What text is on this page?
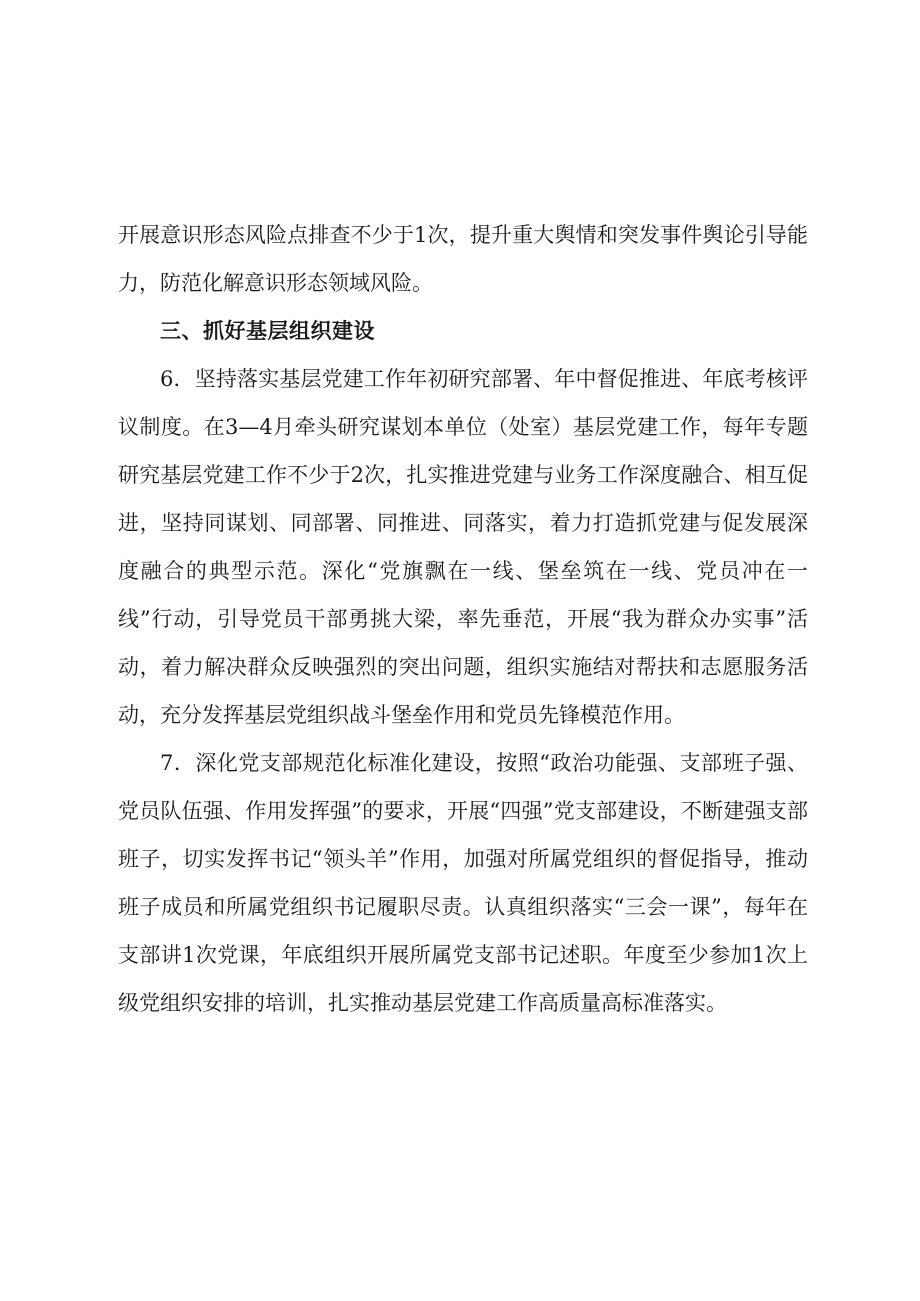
开展意识形态风险点排查不少于1次，提升重大舆情和突发事件舆论引导能力，防范化解意识形态领域风险。

三、抓好基层组织建设

6．坚持落实基层党建工作年初研究部署、年中督促推进、年底考核评议制度。在3—4月牵头研究谋划本单位（处室）基层党建工作，每年专题研究基层党建工作不少于2次，扎实推进党建与业务工作深度融合、相互促进，坚持同谋划、同部署、同推进、同落实，着力打造抓党建与促发展深度融合的典型示范。深化“党旗飘在一线、堡垒筑在一线、党员冲在一线”行动，引导党员干部勇挑大梁，率先垂范，开展“我为群众办实事”活动，着力解决群众反映强烈的突出问题，组织实施结对帮扶和志愿服务活动，充分发挥基层党组织战斗堡垒作用和党员先锋模范作用。

7．深化党支部规范化标准化建设，按照“政治功能强、支部班子强、党员队伍强、作用发挥强”的要求，开展“四强”党支部建设，不断建强支部班子，切实发挥书记“领头羊”作用，加强对所属党组织的督促指导，推动班子成员和所属党组织书记履职尽责。认真组织落实“三会一课”，每年在支部讲1次党课，年底组织开展所属党支部书记述职。年度至少参加1次上级党组织安排的培训，扎实推动基层党建工作高质量高标准落实。
